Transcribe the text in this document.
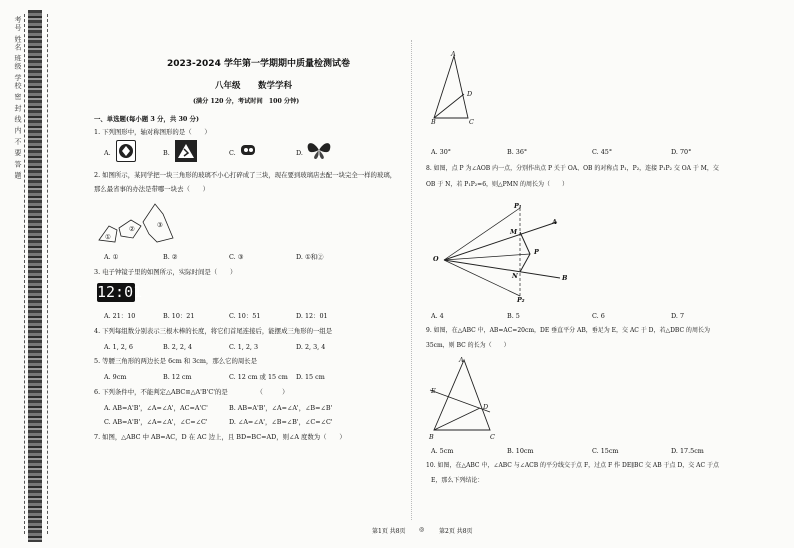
考号 姓名 班级 学校 密 封 线 内 不 要 答 题	2023-2024 学年第一学期期中质量检测试卷
八年级 数学学科
(满分 120 分，考试时间　100 分钟)
一、单选题(每小题 3 分，共 30 分)
1. 下列图形中，轴对称图形的是（　　）
A.	B.	C.	D.
2. 如图所示，某同学把一块三角形的玻璃不小心打碎成了三块，现在要到玻璃店去配一块完全一样的玻璃，
那么最省事的办法是带哪一块去（　　）
①
②	③
A. ①	B. ②	C. ③	D. ①和②
3. 电子钟镜子里的如图所示，实际时间是（　　）
12:01
A. 21：10	B. 10：21	C. 10：51	D. 12：01
4. 下列每组数分别表示三根木棒的长度，将它们首尾连接后，能摆成三角形的一组是
A. 1, 2, 6	B. 2, 2, 4	C. 1, 2, 3	D. 2, 3, 4
5. 等腰三角形的两边长是 6cm 和 3cm，那么它的周长是
A. 9cm	B. 12 cm	C. 12 cm 或 15 cm D. 15 cm
6. 下列条件中，不能判定△ABC≌△A'B'C'的是　　　　　（　　　）
A. AB=A'B'，∠A=∠A'，AC=A'C'	B. AB=A'B'，∠A=∠A'，∠B=∠B'
C. AB=A'B'，∠A=∠A'，∠C=∠C'	D. ∠A=∠A'，∠B=∠B'，∠C=∠C'
7. 如图，△ABC 中 AB=AC，D 在 AC 边上，且 BD=BC=AD，则∠A 度数为（　　）
A
D
B	C
A. 30°	B. 36°	C. 45°	D. 70°
8. 如图，点 P 为∠AOB 内一点，分别作出点 P 关于 OA、OB 的对称点 P₁，P₂，连接 P₁P₂ 交 OA 于 M，交
OB 于 N，若 P₁P₂=6，则△PMN 的周长为（　　）
P₁
A
M
P
O
N	B
P₂
A. 4	B. 5	C. 6	D. 7
9. 如图，在△ABC 中，AB=AC=20cm，DE 垂直平分 AB，垂足为 E，交 AC 于 D，若△DBC 的周长为
35cm，则 BC 的长为（　　）
A
E
D
B	C
A. 5cm	B. 10cm	C. 15cm	D. 17.5cm
10. 如图，在△ABC 中，∠ABC 与∠ACB 的平分线交于点 F，过点 F 作 DE∥BC 交 AB 于点 D，交 AC 于点
E，那么下列结论：
第1页 共8页 ◎ 第2页 共8页
